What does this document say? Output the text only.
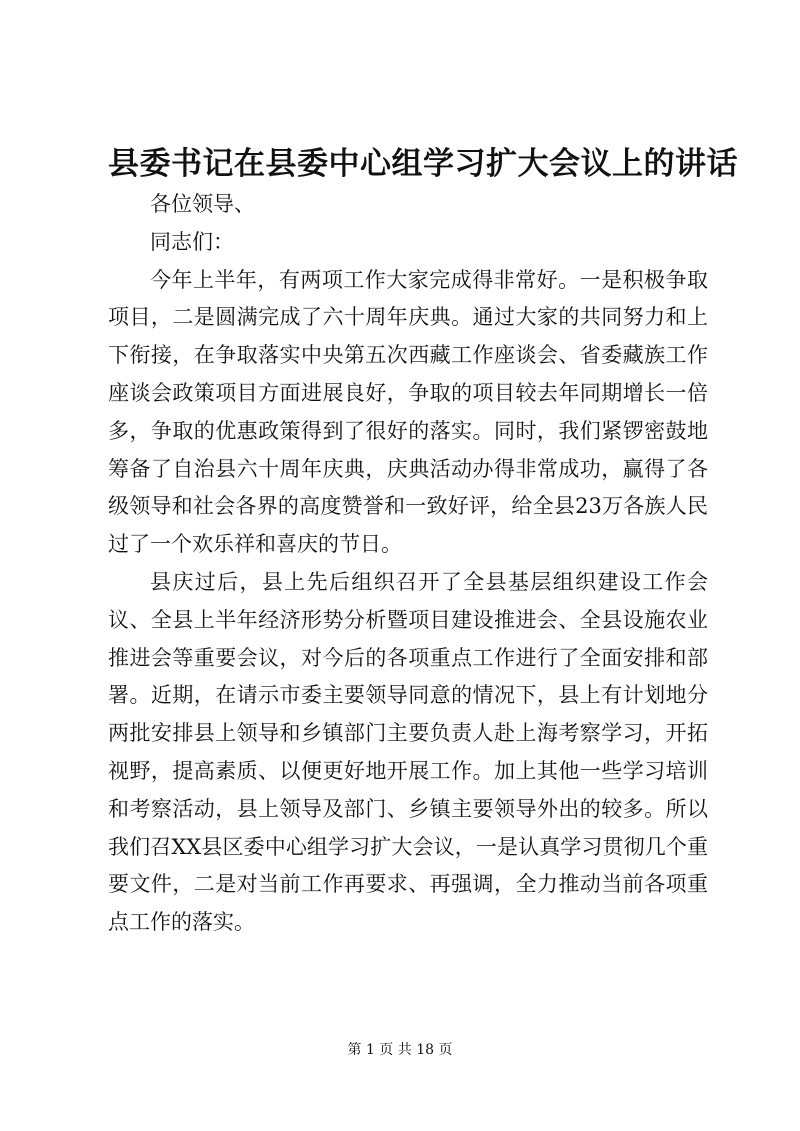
县委书记在县委中心组学习扩大会议上的讲话

各位领导、

同志们：

今年上半年，有两项工作大家完成得非常好。一是积极争取项目，二是圆满完成了六十周年庆典。通过大家的共同努力和上下衔接，在争取落实中央第五次西藏工作座谈会、省委藏族工作座谈会政策项目方面进展良好，争取的项目较去年同期增长一倍多，争取的优惠政策得到了很好的落实。同时，我们紧锣密鼓地筹备了自治县六十周年庆典，庆典活动办得非常成功，赢得了各级领导和社会各界的高度赞誉和一致好评，给全县23万各族人民过了一个欢乐祥和喜庆的节日。

县庆过后，县上先后组织召开了全县基层组织建设工作会议、全县上半年经济形势分析暨项目建设推进会、全县设施农业推进会等重要会议，对今后的各项重点工作进行了全面安排和部署。近期，在请示市委主要领导同意的情况下，县上有计划地分两批安排县上领导和乡镇部门主要负责人赴上海考察学习，开拓视野，提高素质、以便更好地开展工作。加上其他一些学习培训和考察活动，县上领导及部门、乡镇主要领导外出的较多。所以我们召XX县区委中心组学习扩大会议，一是认真学习贯彻几个重要文件，二是对当前工作再要求、再强调，全力推动当前各项重点工作的落实。

第 1 页 共 18 页
